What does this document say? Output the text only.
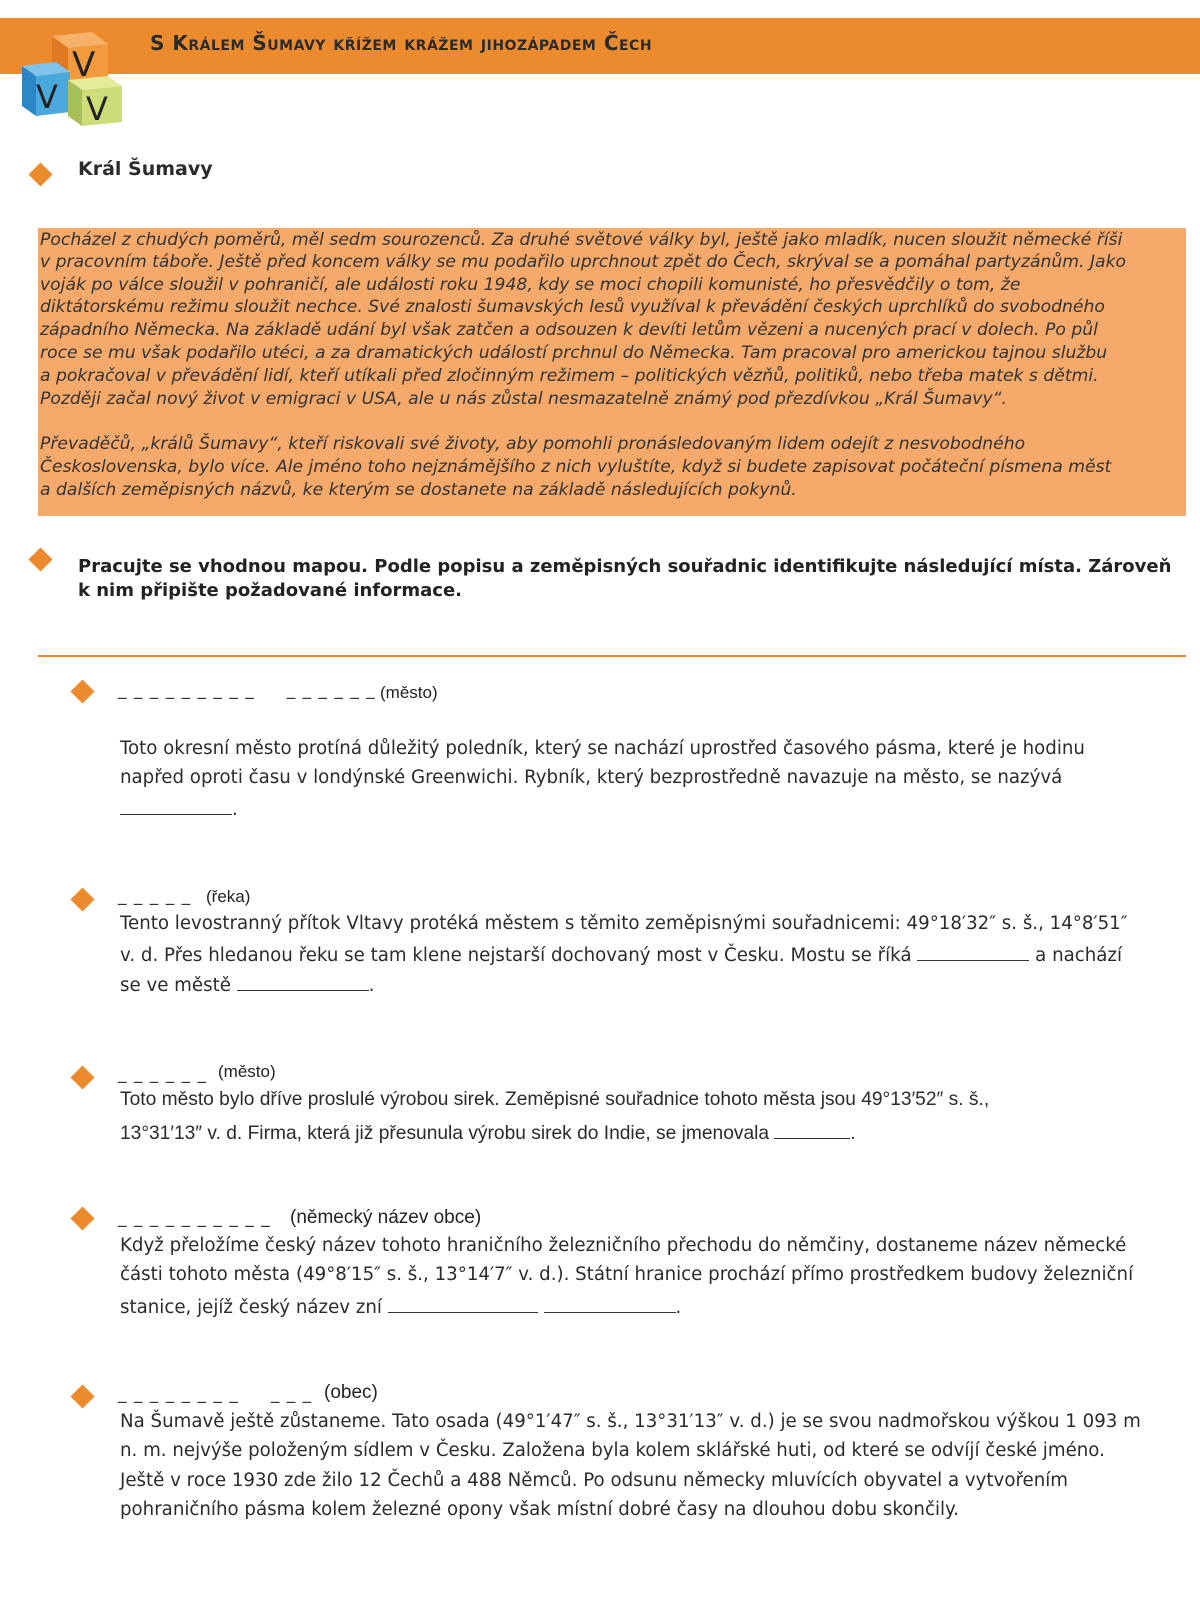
V
V V
S Králem Šumavy křížem krážem jihozápadem Čech
Král Šumavy
Pocházel z chudých poměrů, měl sedm sourozenců. Za druhé světové války byl, ještě jako mladík, nucen sloužit německé říši
v pracovním táboře. Ještě před koncem války se mu podařilo uprchnout zpět do Čech, skrýval se a pomáhal partyzánům. Jako
voják po válce sloužil v pohraničí, ale události roku 1948, kdy se moci chopili komunisté, ho přesvědčily o tom, že
diktátorskému režimu sloužit nechce. Své znalosti šumavských lesů využíval k převádění českých uprchlíků do svobodného
západního Německa. Na základě udání byl však zatčen a odsouzen k devíti letům vězeni a nucených prací v dolech. Po půl
roce se mu však podařilo utéci, a za dramatických událostí prchnul do Německa. Tam pracoval pro americkou tajnou službu
a pokračoval v převádění lidí, kteří utíkali před zločinným režimem – politických vězňů, politiků, nebo třeba matek s dětmi.
Později začal nový život v emigraci v USA, ale u nás zůstal nesmazatelně známý pod přezdívkou „Král Šumavy“.
Převaděčů, „králů Šumavy“, kteří riskovali své životy, aby pomohli pronásledovaným lidem odejít z nesvobodného
Československa, bylo více. Ale jméno toho nejznámějšího z nich vyluštíte, když si budete zapisovat počáteční písmena měst
a dalších zeměpisných názvů, ke kterým se dostanete na základě následujících pokynů.
Pracujte se vhodnou mapou. Podle popisu a zeměpisných souřadnic identifikujte následující místa. Zároveň k nim připište požadované informace.
_ _ _ _ _ _ _ _ _     _ _ _ _ _ _ (město)
Toto okresní město protíná důležitý poledník, který se nachází uprostřed časového pásma, které je hodinu
napřed oproti času v londýnské Greenwichi. Rybník, který bezprostředně navazuje na město, se nazývá
.
_ _ _ _ _ (řeka)
Tento levostranný přítok Vltavy protéká městem s těmito zeměpisnými souřadnicemi: 49°18′32″ s. š., 14°8′51″
v. d. Přes hledanou řeku se tam klene nejstarší dochovaný most v Česku. Mostu se říká	a nachází
se ve městě	.
_ _ _ _ _ _ (město)
Toto město bylo dříve proslulé výrobou sirek. Zeměpisné souřadnice tohoto města jsou 49°13′52″ s. š.,
13°31′13″ v. d. Firma, která již přesunula výrobu sirek do Indie, se jmenovala	.
_ _ _ _ _ _ _ _ _ _ (německý název obce)
Když přeložíme český název tohoto hraničního železničního přechodu do němčiny, dostaneme název německé
části tohoto města (49°8′15″ s. š., 13°14′7″ v. d.). Státní hranice prochází přímo prostředkem budovy železniční
stanice, jejíž český název zní	.
_ _ _ _ _ _ _ _     _ _ _ (obec)
Na Šumavě ještě zůstaneme. Tato osada (49°1′47″ s. š., 13°31′13″ v. d.) je se svou nadmořskou výškou 1 093 m
n. m. nejvýše položeným sídlem v Česku. Založena byla kolem sklářské huti, od které se odvíjí české jméno.
Ještě v roce 1930 zde žilo 12 Čechů a 488 Němců. Po odsunu německy mluvících obyvatel a vytvořením
pohraničního pásma kolem železné opony však místní dobré časy na dlouhou dobu skončily.
